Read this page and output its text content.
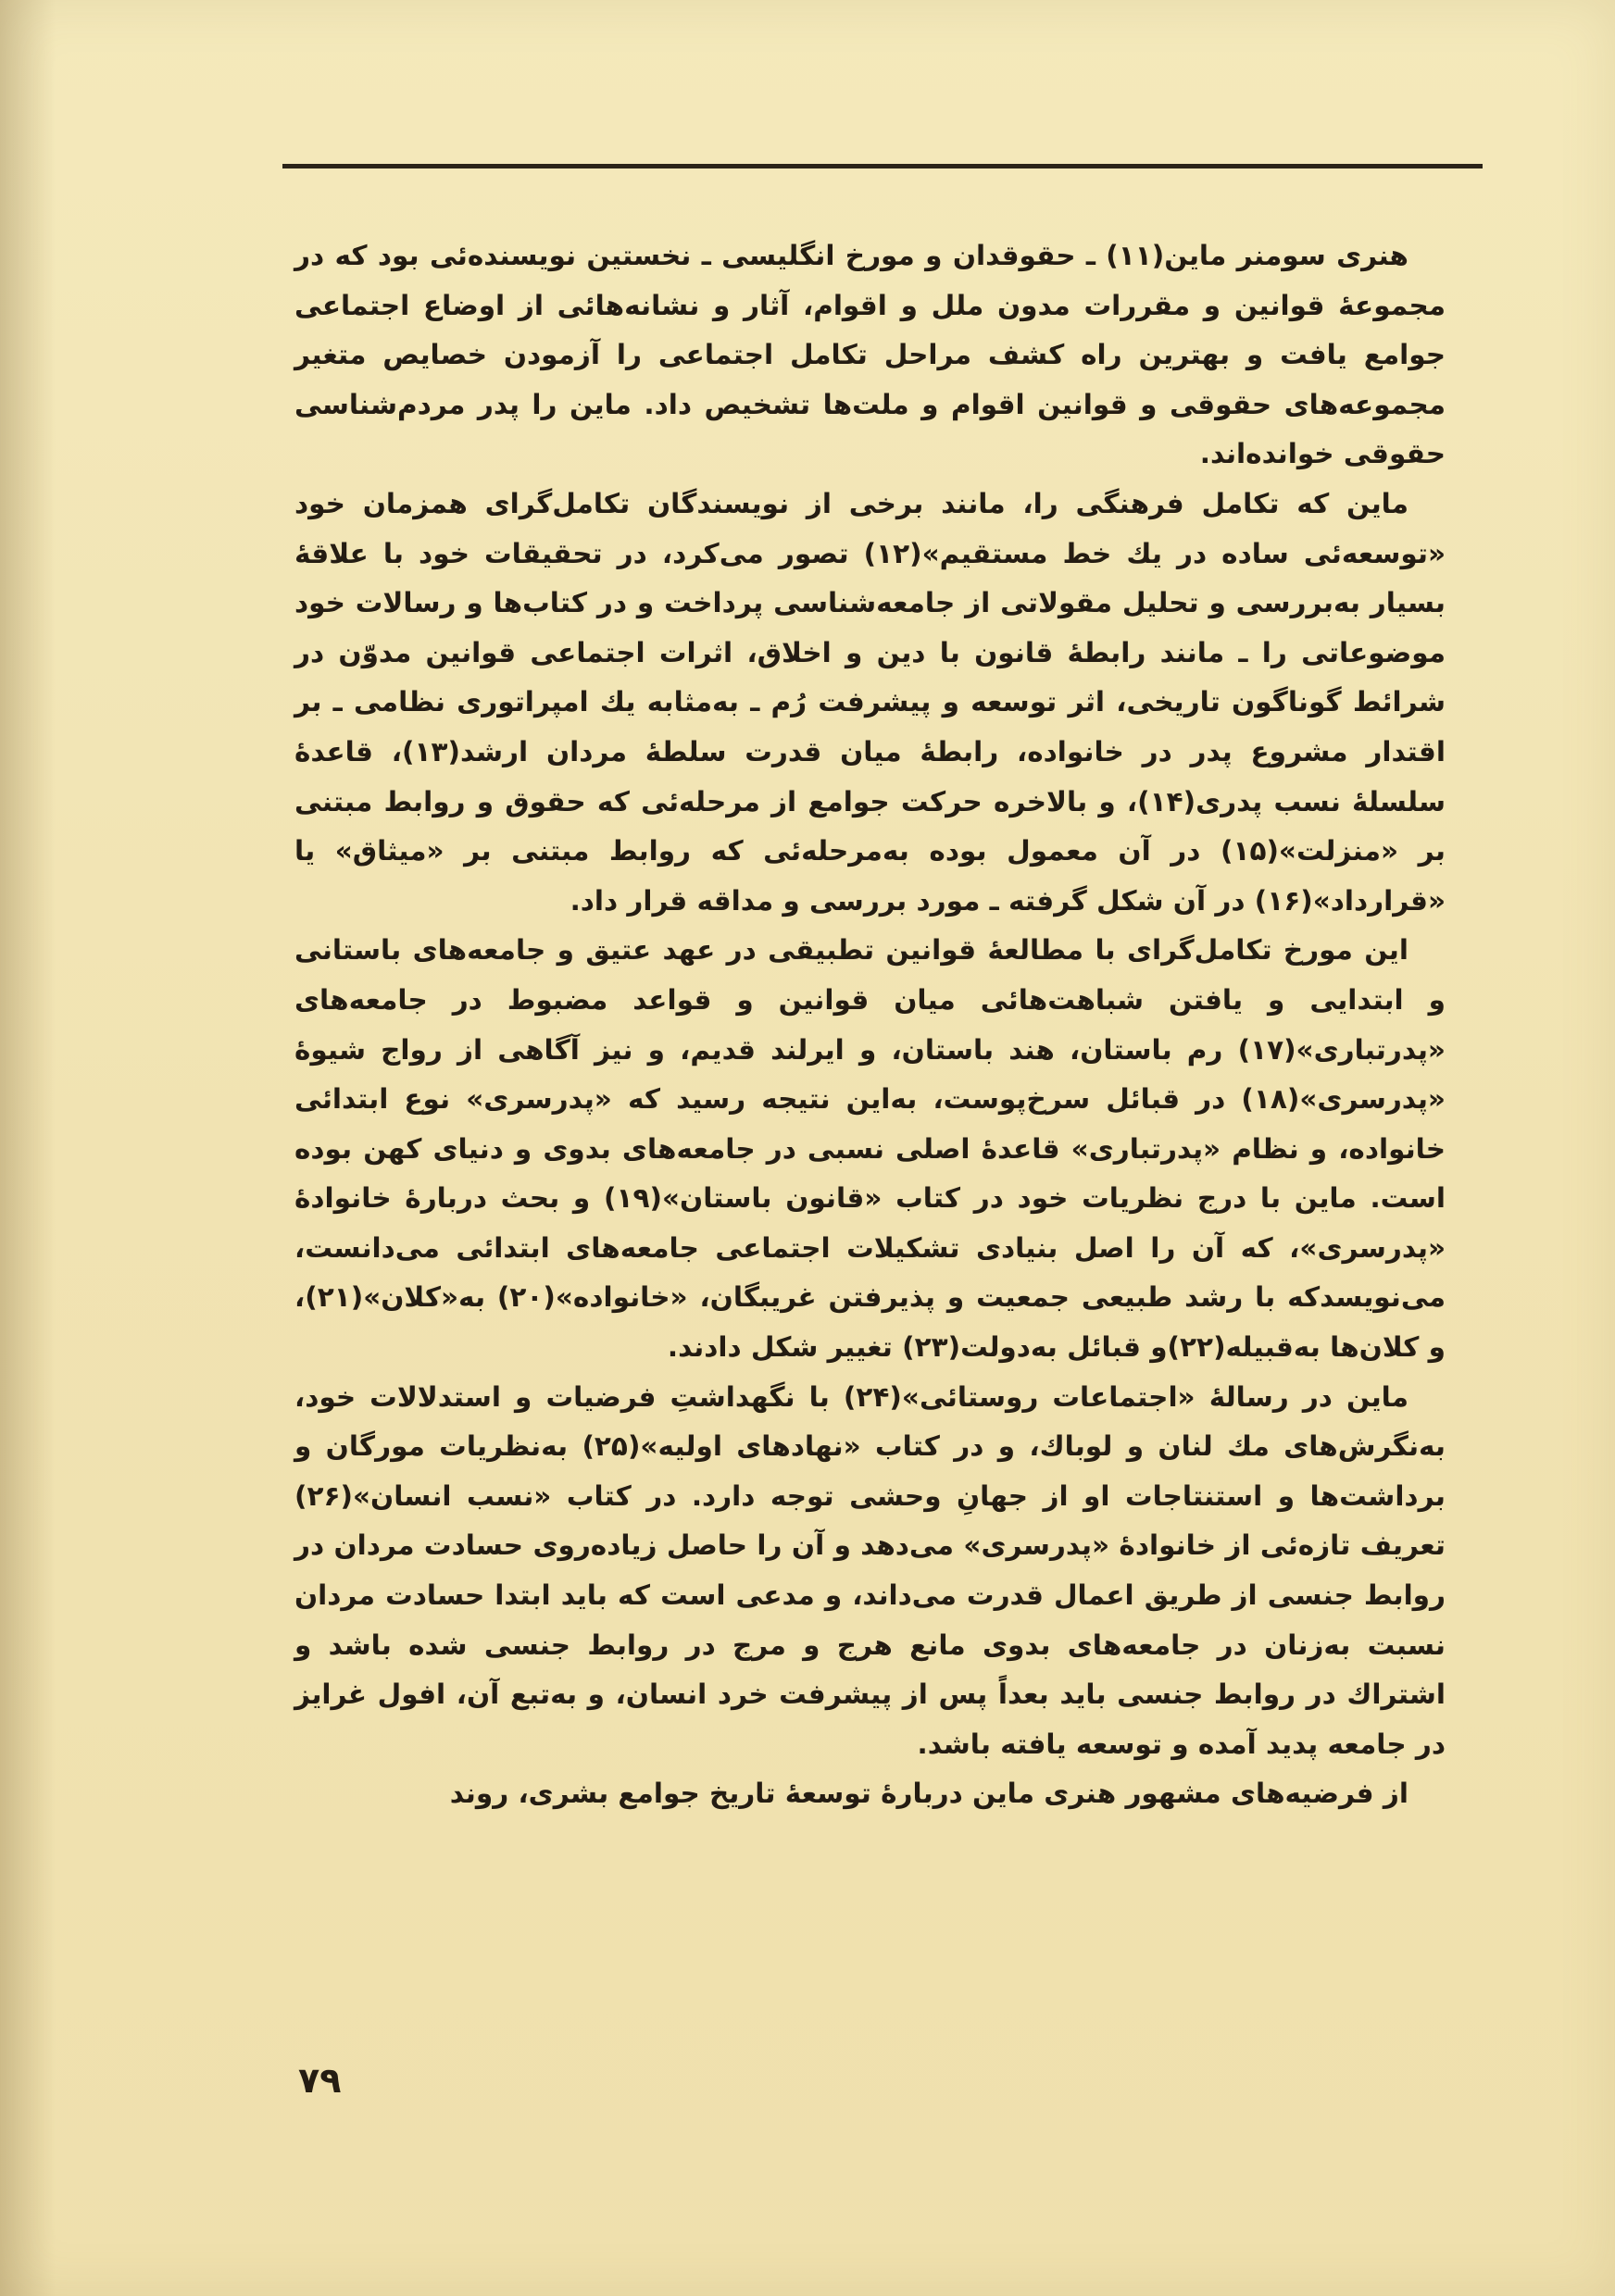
هنری سومنر ماین(۱۱) ـ حقوقدان و مورخ انگلیسی ـ نخستین نویسنده‌ئی بود که در مجموعهٔ قوانین و مقررات مدون ملل و اقوام، آثار و نشانه‌هائی از اوضاع اجتماعی جوامع یافت و بهترین راه کشف مراحل تکامل اجتماعی را آزمودن خصایص متغیر مجموعه‌های حقوقی و قوانین اقوام و ملت‌ها تشخیص داد. ماین را پدر مردم‌شناسی حقوقی خوانده‌اند.

ماین که تکامل فرهنگی را، مانند برخی از نویسندگان تکامل‌گرای همزمان خود «توسعه‌ئی ساده در یك خط مستقیم»(۱۲) تصور می‌کرد، در تحقیقات خود با علاقهٔ بسیار به‌بررسی و تحلیل مقولاتی از جامعه‌شناسی پرداخت و در کتاب‌ها و رسالات خود موضوعاتی را ـ مانند رابطهٔ قانون با دین و اخلاق، اثرات اجتماعی قوانین مدوّن در شرائط گوناگون تاریخی، اثر توسعه و پیشرفت رُم ـ به‌مثابه یك امپراتوری نظامی ـ بر اقتدار مشروع پدر در خانواده، رابطهٔ میان قدرت سلطهٔ مردان ارشد(۱۳)، قاعدهٔ سلسلهٔ نسب پدری(۱۴)، و بالاخره حرکت جوامع از مرحله‌ئی که حقوق و روابط مبتنی بر «منزلت»(۱۵) در آن معمول بوده به‌مرحله‌ئی که روابط مبتنی بر «میثاق» یا «قرارداد»(۱۶) در آن شکل گرفته ـ مورد بررسی و مداقه قرار داد.

این مورخ تکامل‌گرای با مطالعهٔ قوانین تطبیقی در عهد عتیق و جامعه‌های باستانی و ابتدایی و یافتن شباهت‌هائی میان قوانین و قواعد مضبوط در جامعه‌های «پدرتباری»(۱۷) رم باستان، هند باستان، و ایرلند قدیم، و نیز آگاهی از رواج شیوهٔ «پدرسری»(۱۸) در قبائل سرخ‌پوست، به‌این نتیجه رسید که «پدرسری» نوع ابتدائی خانواده، و نظام «پدرتباری» قاعدهٔ اصلی نسبی در جامعه‌های بدوی و دنیای کهن بوده است. ماین با درج نظریات خود در کتاب «قانون باستان»(۱۹) و بحث دربارهٔ خانوادهٔ «پدرسری»، که آن را اصل بنیادی تشکیلات اجتماعی جامعه‌های ابتدائی می‌دانست، می‌نویسدکه با رشد طبیعی جمعیت و پذیرفتن غریبگان، «خانواده»(۲۰) به«کلان»(۲۱)، و کلان‌ها به‌قبیله(۲۲)و قبائل به‌دولت(۲۳) تغییر شکل دادند.

ماین در رسالهٔ «اجتماعات روستائی»(۲۴) با نگهداشتِ فرضیات و استدلالات خود، به‌نگرش‌های مك لنان و لوباك، و در کتاب «نهادهای اولیه»(۲۵) به‌نظریات مورگان و برداشت‌ها و استنتاجات او از جهانِ وحشی توجه دارد. در کتاب «نسب انسان»(۲۶) تعریف تازه‌ئی از خانوادهٔ «پدرسری» می‌دهد و آن را حاصل زیاده‌روی حسادت مردان در روابط جنسی از طریق اعمال قدرت می‌داند، و مدعی است که باید ابتدا حسادت مردان نسبت به‌زنان در جامعه‌های بدوی مانع هرج و مرج در روابط جنسی شده باشد و اشتراك در روابط جنسی باید بعداً پس از پیشرفت خرد انسان، و به‌تبع آن، افول غرایز در جامعه پدید آمده و توسعه یافته باشد.

از فرضیه‌های مشهور هنری ماین دربارهٔ توسعهٔ تاریخ جوامع بشری، روند

۷۹
